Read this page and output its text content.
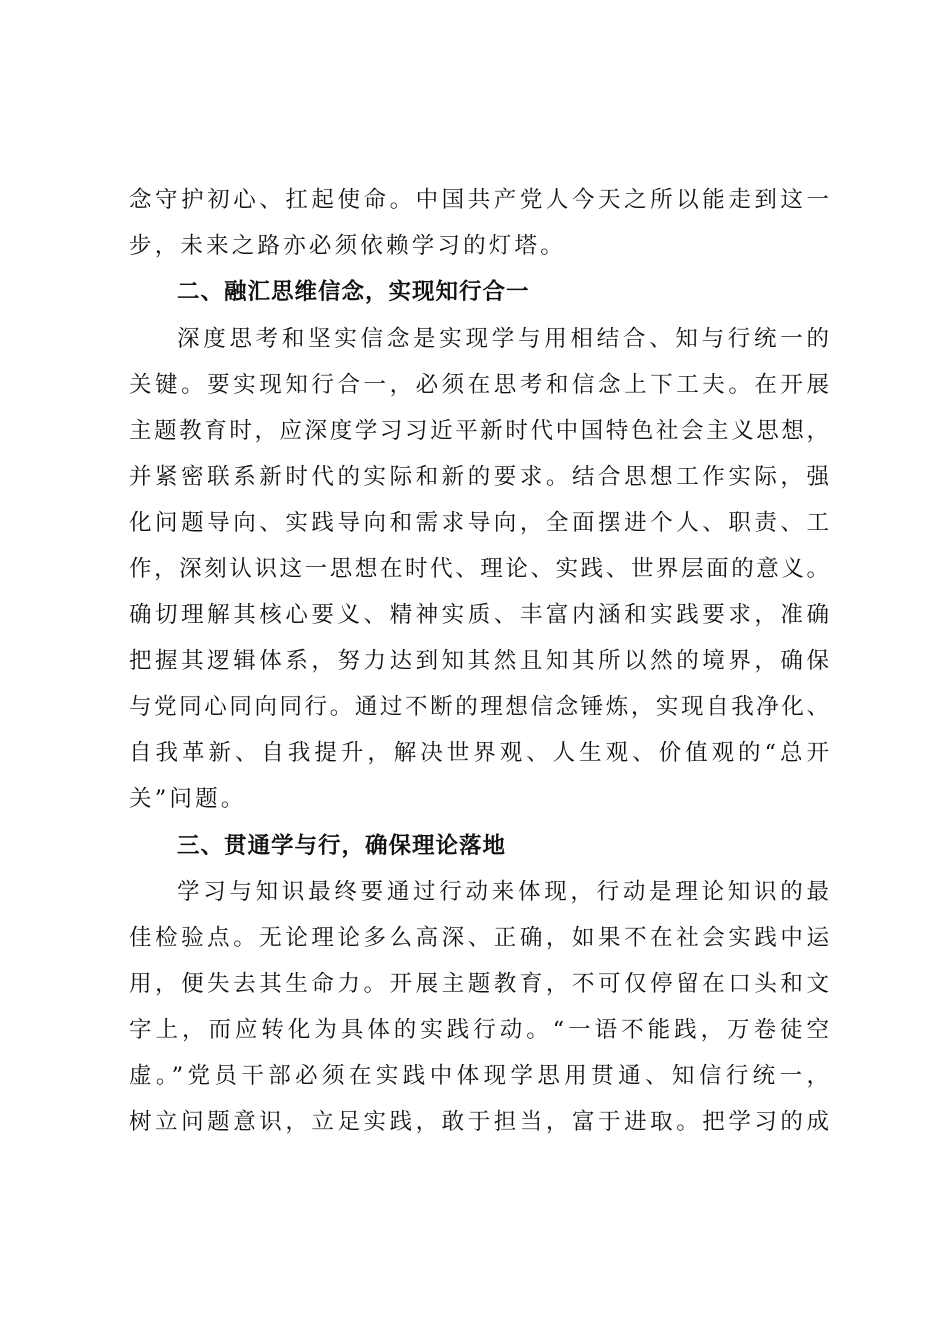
念守护初心、扛起使命。中国共产党人今天之所以能走到这一
步，未来之路亦必须依赖学习的灯塔。
二、融汇思维信念，实现知行合一
深度思考和坚实信念是实现学与用相结合、知与行统一的
关键。要实现知行合一，必须在思考和信念上下工夫。在开展
主题教育时，应深度学习习近平新时代中国特色社会主义思想，
并紧密联系新时代的实际和新的要求。结合思想工作实际，强
化问题导向、实践导向和需求导向，全面摆进个人、职责、工
作，深刻认识这一思想在时代、理论、实践、世界层面的意义。
确切理解其核心要义、精神实质、丰富内涵和实践要求，准确
把握其逻辑体系，努力达到知其然且知其所以然的境界，确保
与党同心同向同行。通过不断的理想信念锤炼，实现自我净化、
自我革新、自我提升，解决世界观、人生观、价值观的“总开
关”问题。
三、贯通学与行，确保理论落地
学习与知识最终要通过行动来体现，行动是理论知识的最
佳检验点。无论理论多么高深、正确，如果不在社会实践中运
用，便失去其生命力。开展主题教育，不可仅停留在口头和文
字上，而应转化为具体的实践行动。“一语不能践，万卷徒空
虚。”党员干部必须在实践中体现学思用贯通、知信行统一，
树立问题意识，立足实践，敢于担当，富于进取。把学习的成
